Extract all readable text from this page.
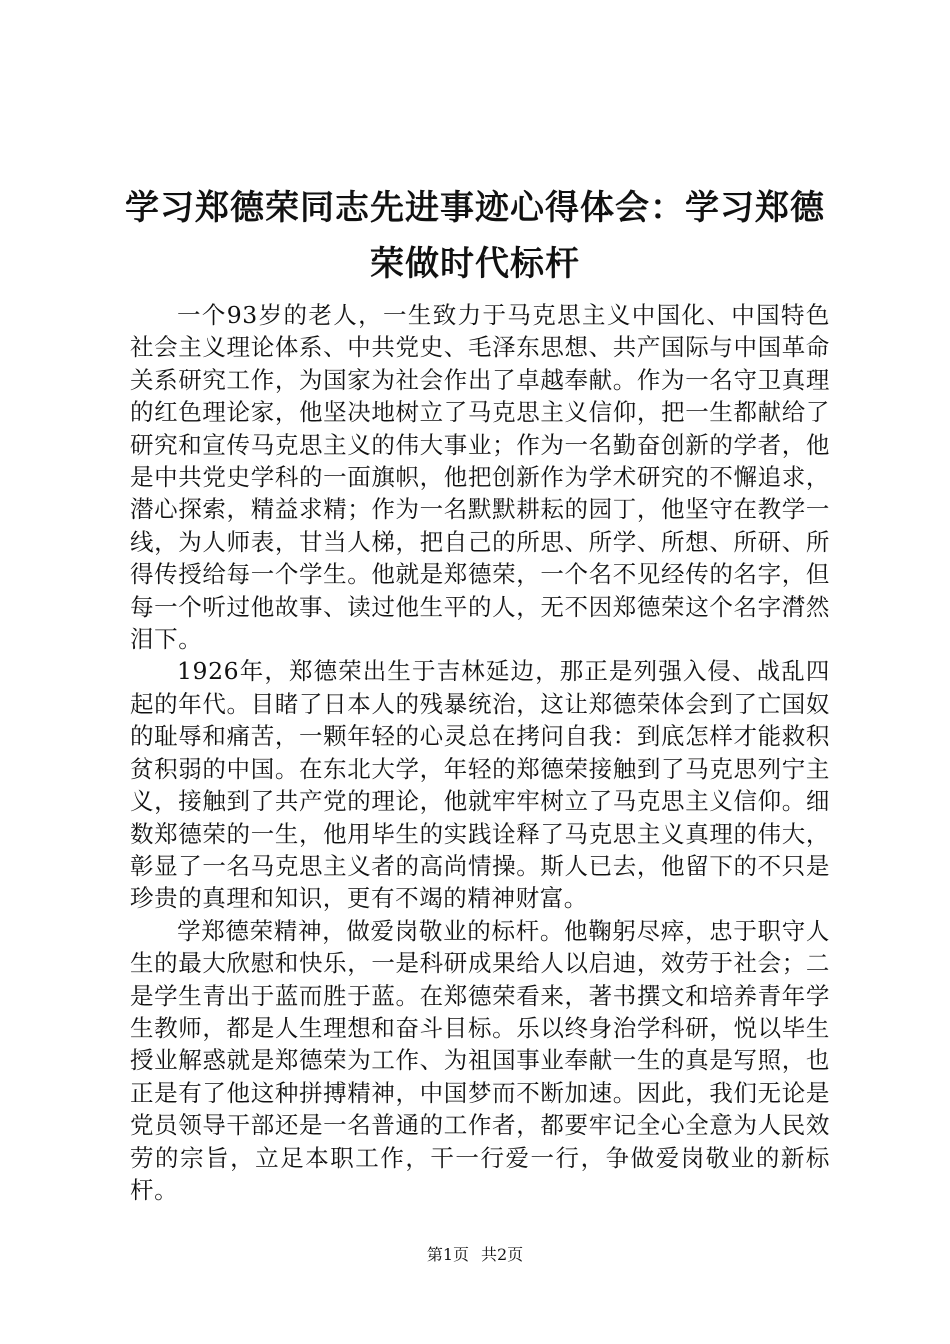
学习郑德荣同志先进事迹心得体会：学习郑德
荣做时代标杆

一个93岁的老人，一生致力于马克思主义中国化、中国特色社会主义理论体系、中共党史、毛泽东思想、共产国际与中国革命关系研究工作，为国家为社会作出了卓越奉献。作为一名守卫真理的红色理论家，他坚决地树立了马克思主义信仰，把一生都献给了研究和宣传马克思主义的伟大事业；作为一名勤奋创新的学者，他是中共党史学科的一面旗帜，他把创新作为学术研究的不懈追求，潜心探索，精益求精；作为一名默默耕耘的园丁，他坚守在教学一线，为人师表，甘当人梯，把自己的所思、所学、所想、所研、所得传授给每一个学生。他就是郑德荣，一个名不见经传的名字，但每一个听过他故事、读过他生平的人，无不因郑德荣这个名字潸然泪下。

1926年，郑德荣出生于吉林延边，那正是列强入侵、战乱四起的年代。目睹了日本人的残暴统治，这让郑德荣体会到了亡国奴的耻辱和痛苦，一颗年轻的心灵总在拷问自我：到底怎样才能救积贫积弱的中国。在东北大学，年轻的郑德荣接触到了马克思列宁主义，接触到了共产党的理论，他就牢牢树立了马克思主义信仰。细数郑德荣的一生，他用毕生的实践诠释了马克思主义真理的伟大，彰显了一名马克思主义者的高尚情操。斯人已去，他留下的不只是珍贵的真理和知识，更有不竭的精神财富。

学郑德荣精神，做爱岗敬业的标杆。他鞠躬尽瘁，忠于职守人生的最大欣慰和快乐，一是科研成果给人以启迪，效劳于社会；二是学生青出于蓝而胜于蓝。在郑德荣看来，著书撰文和培养青年学生教师，都是人生理想和奋斗目标。乐以终身治学科研，悦以毕生授业解惑就是郑德荣为工作、为祖国事业奉献一生的真是写照，也正是有了他这种拼搏精神，中国梦而不断加速。因此，我们无论是党员领导干部还是一名普通的工作者，都要牢记全心全意为人民效劳的宗旨，立足本职工作，干一行爱一行，争做爱岗敬业的新标杆。

第1页 共2页
